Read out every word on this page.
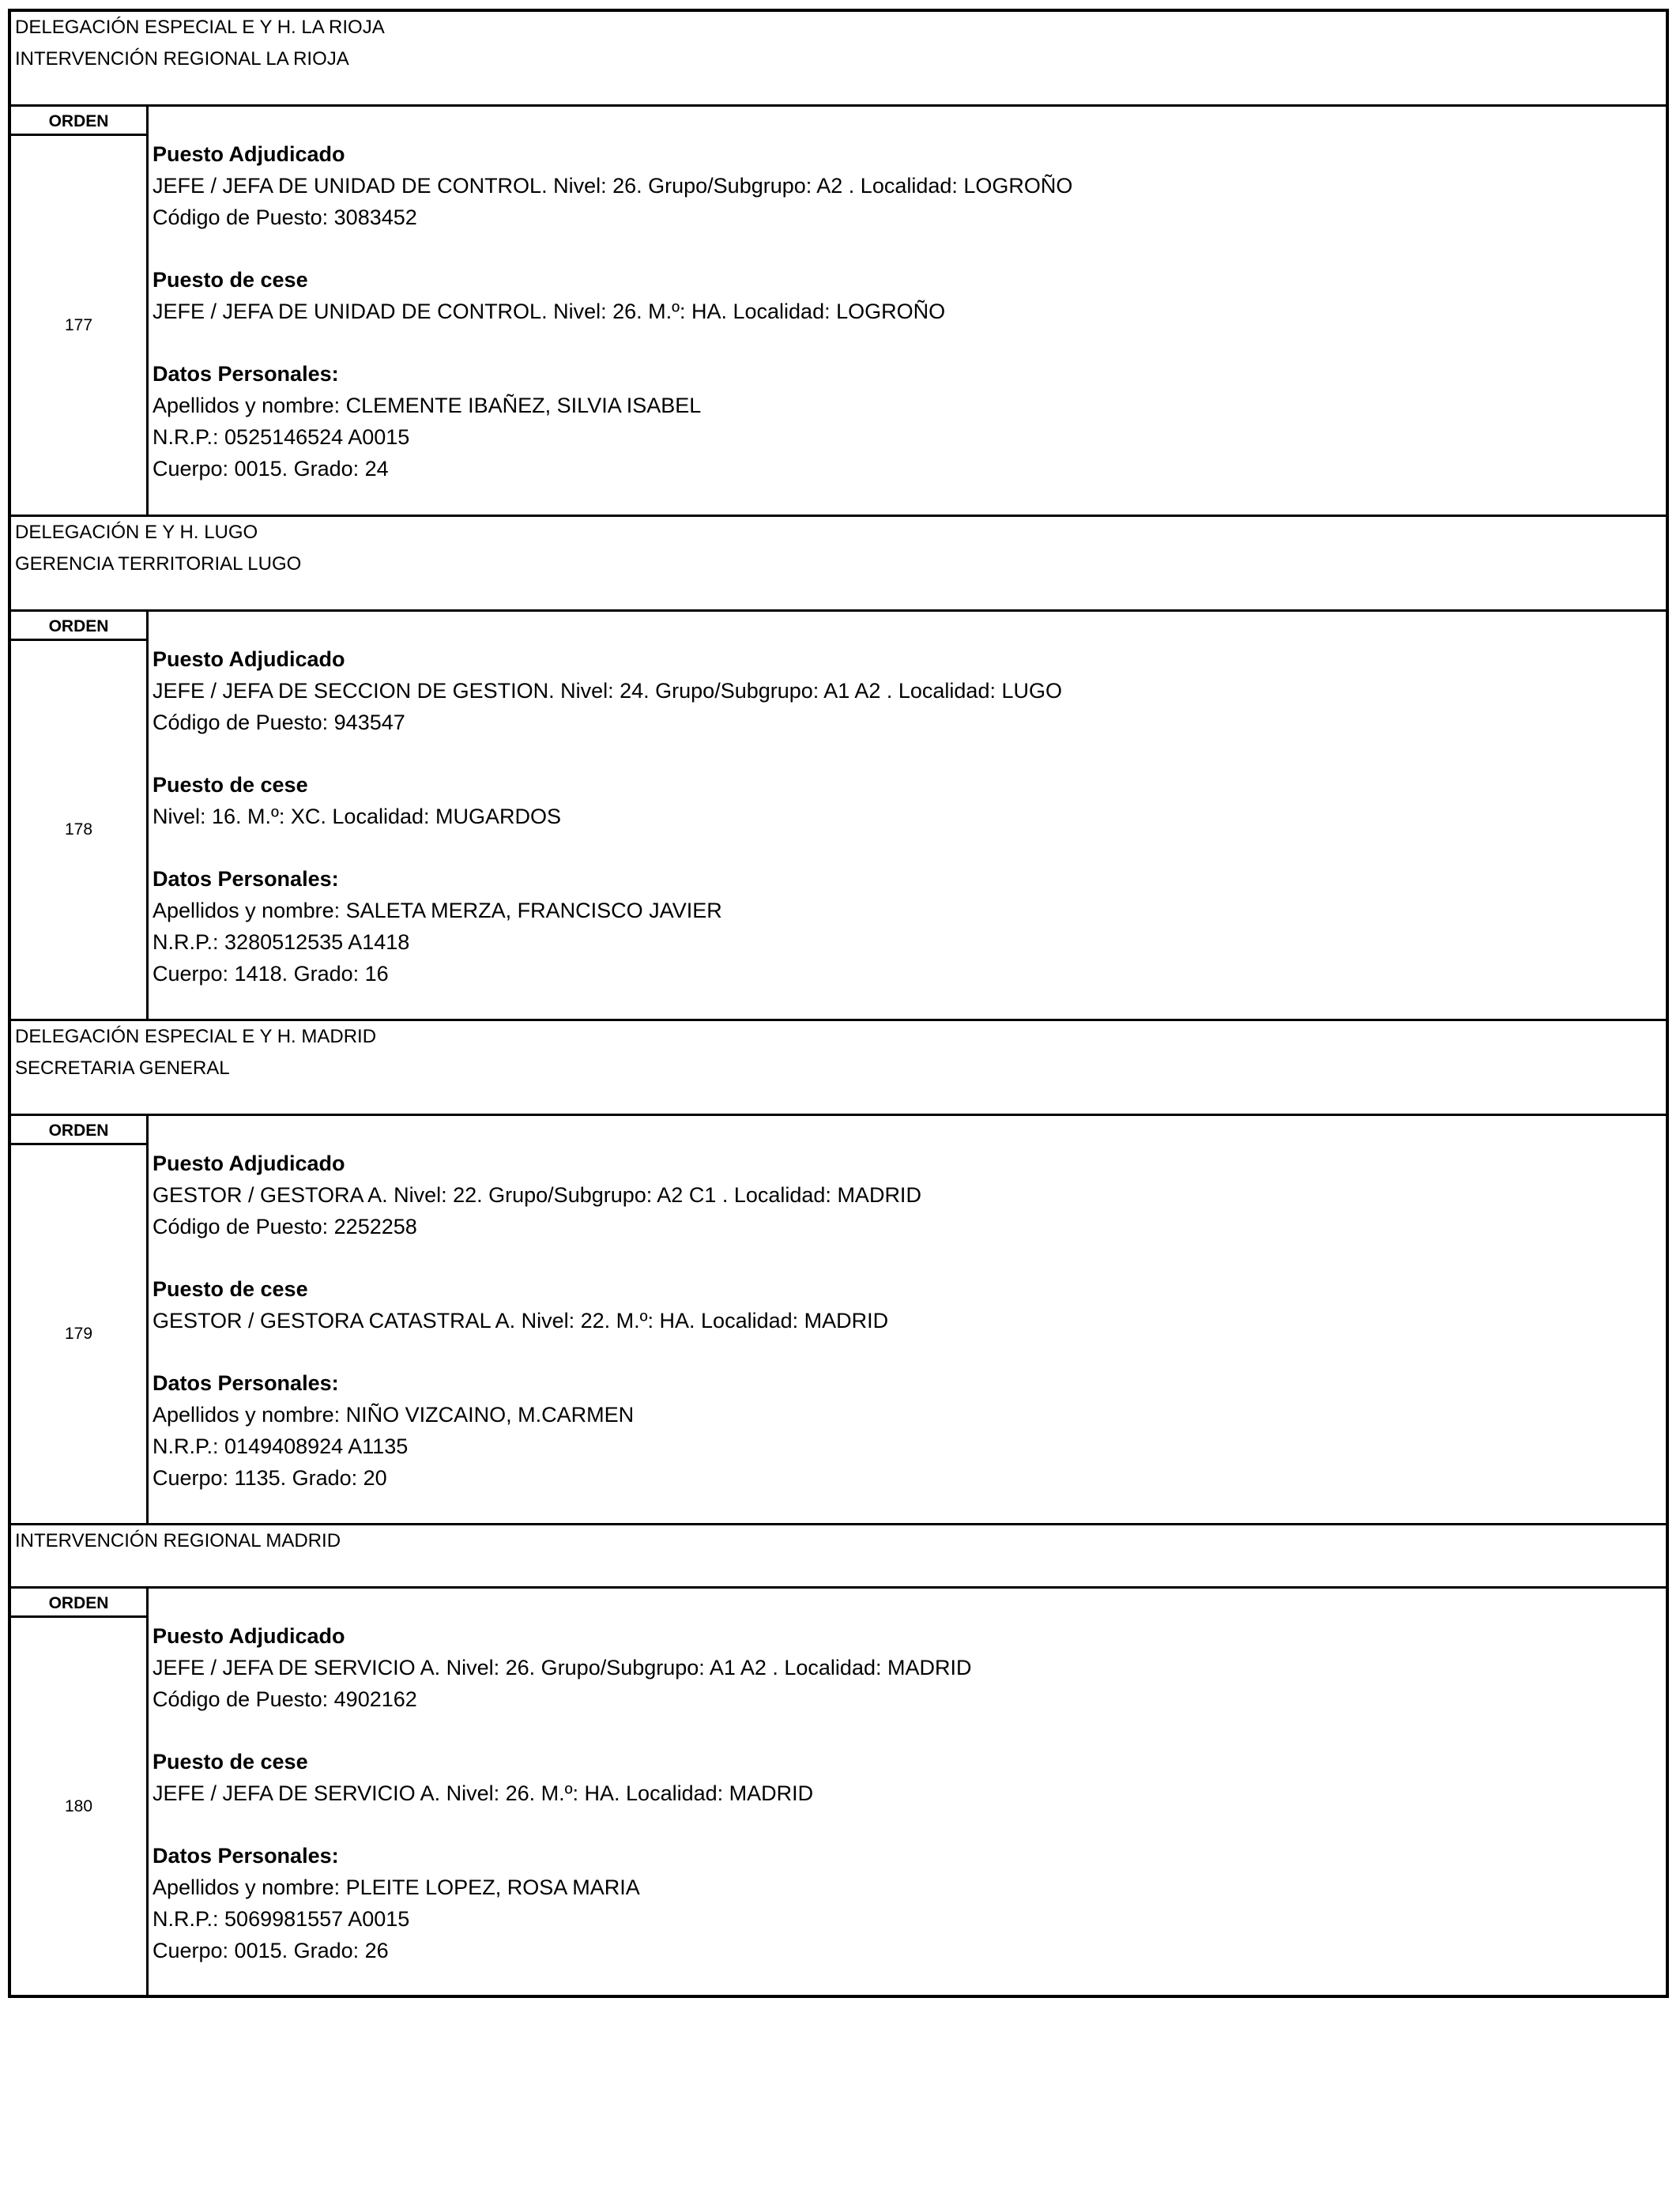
DELEGACIÓN ESPECIAL E Y H. LA RIOJA
INTERVENCIÓN REGIONAL LA RIOJA
ORDEN
177
Puesto Adjudicado
JEFE / JEFA DE UNIDAD DE CONTROL. Nivel: 26. Grupo/Subgrupo: A2 . Localidad: LOGROÑO
Código de Puesto: 3083452
Puesto de cese
JEFE / JEFA DE UNIDAD DE CONTROL. Nivel: 26. M.º: HA. Localidad: LOGROÑO
Datos Personales:
Apellidos y nombre: CLEMENTE IBAÑEZ, SILVIA ISABEL
N.R.P.: 0525146524 A0015
Cuerpo: 0015. Grado: 24
DELEGACIÓN E Y H. LUGO
GERENCIA TERRITORIAL LUGO
ORDEN
178
Puesto Adjudicado
JEFE / JEFA DE SECCION DE GESTION. Nivel: 24. Grupo/Subgrupo: A1 A2 . Localidad: LUGO
Código de Puesto: 943547
Puesto de cese
Nivel: 16. M.º: XC. Localidad: MUGARDOS
Datos Personales:
Apellidos y nombre: SALETA MERZA, FRANCISCO JAVIER
N.R.P.: 3280512535 A1418
Cuerpo: 1418. Grado: 16
DELEGACIÓN ESPECIAL E Y H. MADRID
SECRETARIA GENERAL
ORDEN
179
Puesto Adjudicado
GESTOR / GESTORA A. Nivel: 22. Grupo/Subgrupo: A2 C1 . Localidad: MADRID
Código de Puesto: 2252258
Puesto de cese
GESTOR / GESTORA CATASTRAL A. Nivel: 22. M.º: HA. Localidad: MADRID
Datos Personales:
Apellidos y nombre: NIÑO VIZCAINO, M.CARMEN
N.R.P.: 0149408924 A1135
Cuerpo: 1135. Grado: 20
INTERVENCIÓN REGIONAL MADRID
ORDEN
180
Puesto Adjudicado
JEFE / JEFA DE SERVICIO A. Nivel: 26. Grupo/Subgrupo: A1 A2 . Localidad: MADRID
Código de Puesto: 4902162
Puesto de cese
JEFE / JEFA DE SERVICIO A. Nivel: 26. M.º: HA. Localidad: MADRID
Datos Personales:
Apellidos y nombre: PLEITE LOPEZ, ROSA MARIA
N.R.P.: 5069981557 A0015
Cuerpo: 0015. Grado: 26
